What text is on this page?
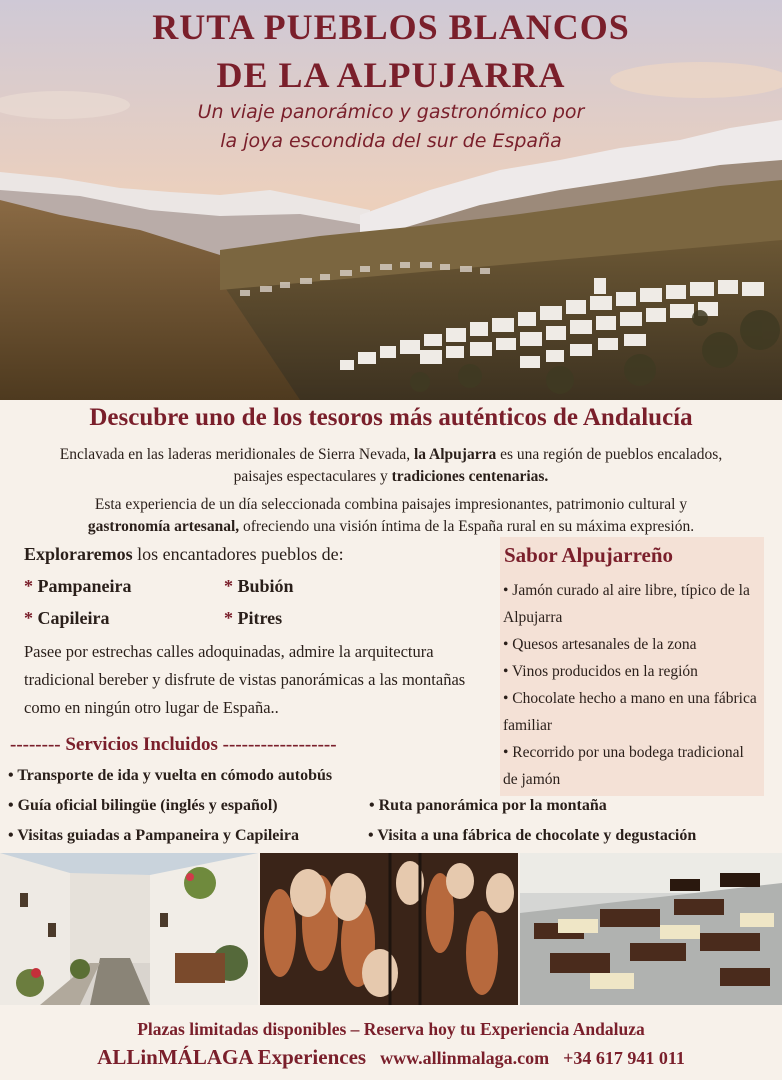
RUTA PUEBLOS BLANCOS
DE LA ALPUJARRA
Un viaje panorámico y gastronómico por
la joya escondida del sur de España
Descubre uno de los tesoros más auténticos de Andalucía
Enclavada en las laderas meridionales de Sierra Nevada, la Alpujarra es una región de pueblos encalados,
paisajes espectaculares y tradiciones centenarias.
Esta experiencia de un día seleccionada combina paisajes impresionantes, patrimonio cultural y
gastronomía artesanal, ofreciendo una visión íntima de la España rural en su máxima expresión.
Exploraremos los encantadores pueblos de:
* Pampaneira	* Bubión
* Capileira	* Pitres
Pasee por estrechas calles adoquinadas, admire la arquitectura tradicional bereber y disfrute de vistas panorámicas a las montañas como en ningún otro lugar de España..
Sabor Alpujarreño
• Jamón curado al aire libre, típico de la Alpujarra
• Quesos artesanales de la zona
• Vinos producidos en la región
• Chocolate hecho a mano en una fábrica familiar
• Recorrido por una bodega tradicional de jamón
-------- Servicios Incluidos ------------------
• Transporte de ida y vuelta en cómodo autobús
• Guía oficial bilingüe (inglés y español)	• Ruta panorámica por la montaña
• Visitas guiadas a Pampaneira y Capileira	• Visita a una fábrica de chocolate y degustación
Plazas limitadas disponibles – Reserva hoy tu Experiencia Andaluza
ALLinMÁLAGA Experiences www.allinmalaga.com +34 617 941 011
